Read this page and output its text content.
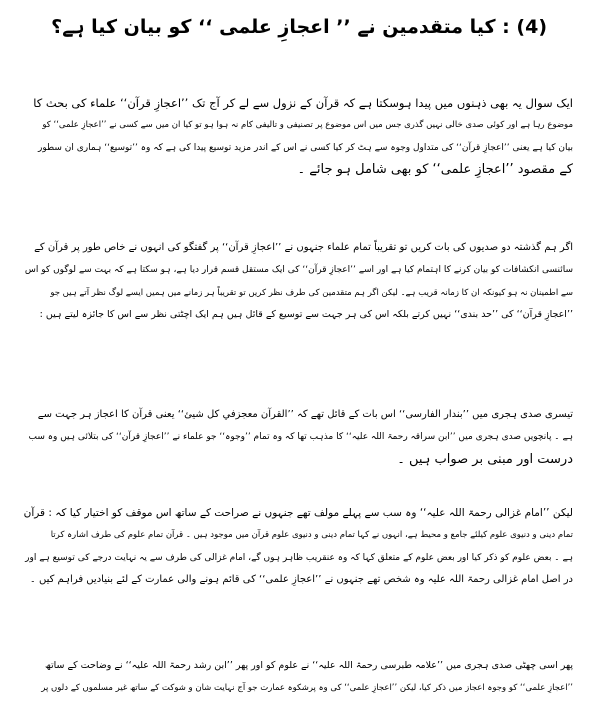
(4) : کیا متقدمین نے ’’ اعجازِ علمی ‘‘ کو بیان کیا ہے؟
ایک سوال یہ بھی ذہنوں میں پیدا ہوسکتا ہے کہ قرآن کے نزول سے لے کر آج تک ’’اعجازِ قرآن‘‘ علماء کی بحث کا
موضوع رہا ہے اور کوئی صدی خالی نہیں گذری جس میں اس موضوع پر تصنیفی و تالیفی کام نہ ہوا ہو تو کیا ان میں سے کسی نے ’’اعجازِ علمی‘‘ کو
بیان کیا ہے یعنی ’’اعجازِ قرآن‘‘ کی متداول وجوہ سے ہٹ کر کیا کسی نے اس کے اندر مزید توسیع پیدا کی ہے کہ وہ ’’توسیع‘‘ ہماری ان سطور
کے مقصود ’’اعجازِ علمی‘‘ کو بھی شامل ہو جائے ۔
اگر ہم گذشتہ دو صدیوں کی بات کریں تو تقریباً تمام علماء جنہوں نے ’’اعجازِ قرآن‘‘ پر گفتگو کی انہوں نے خاص طور پر قرآن کے
سائنسی انکشافات کو بیان کرنے کا اہتمام کیا ہے اور اسے ’’اعجازِ قرآن‘‘ کی ایک مستقل قسم قرار دیا ہے، ہو سکتا ہے کہ بہت سے لوگوں کو اس
سے اطمینان نہ ہو کیونکہ ان کا زمانہ قریب ہے۔ لیکن اگر ہم متقدمین کی طرف نظر کریں تو تقریباً ہر زمانے میں ہمیں ایسے لوگ نظر آتے ہیں جو
’’اعجازِ قرآن‘‘ کی ’’حد بندی‘‘ نہیں کرتے بلکہ اس کی ہر جہت سے توسیع کے قائل ہیں ہم ایک اچٹتی نظر سے اس کا جائزہ لیتے ہیں :
تیسری صدی ہجری میں ’’بندار الفارسی‘‘ اس بات کے قائل تھے کہ ’’القرآن معجزفي کل شيئ‘‘ یعنی قرآن کا اعجاز ہر جہت سے
ہے ۔ پانچویں صدی ہجری میں ’’ابن سراقہ رحمۃ اللہ علیہ‘‘ کا مذہب تھا کہ وہ تمام ’’وجوہ‘‘ جو علماء نے ’’اعجازِ قرآن‘‘ کی بتلائی ہیں وہ سب
درست اور مبنی بر صواب ہیں ۔
لیکن ’’امام غزالی رحمۃ اللہ علیہ‘‘ وہ سب سے پہلے مولف تھے جنہوں نے صراحت کے ساتھ اس موقف کو اختیار کیا کہ : قرآن
تمام دینی و دنیوی علوم کیلئے جامع و محیط ہے، انہوں نے کہا تمام دینی و دنیوی علوم قرآن میں موجود ہیں ۔ قرآن تمام علوم کی طرف اشارہ کرتا
ہے ۔ بعض علوم کو ذکر کیا اور بعض علوم کے متعلق کہا کہ وہ عنقریب ظاہر ہوں گے، امام غزالی کی طرف سے یہ نہایت درجے کی توسیع ہے اور
در اصل امام غزالی رحمۃ اللہ علیہ وہ شخص تھے جنہوں نے ’’اعجازِ علمی‘‘ کی قائم ہونے والی عمارت کے لئے بنیادیں فراہم کیں ۔
پھر اسی چھٹی صدی ہجری میں ’’علامہ طبرسی رحمۃ اللہ علیہ‘‘ نے علوم کو اور پھر ’’ابن رشد رحمۃ اللہ علیہ‘‘ نے وضاحت کے ساتھ
’’اعجازِ علمی‘‘ کو وجوہ اعجاز میں ذکر کیا، لیکن ’’اعجازِ علمی‘‘ کی وہ پرشکوہ عمارت جو آج نہایت شان و شوکت کے ساتھ غیر مسلموں کے دلوں پر
